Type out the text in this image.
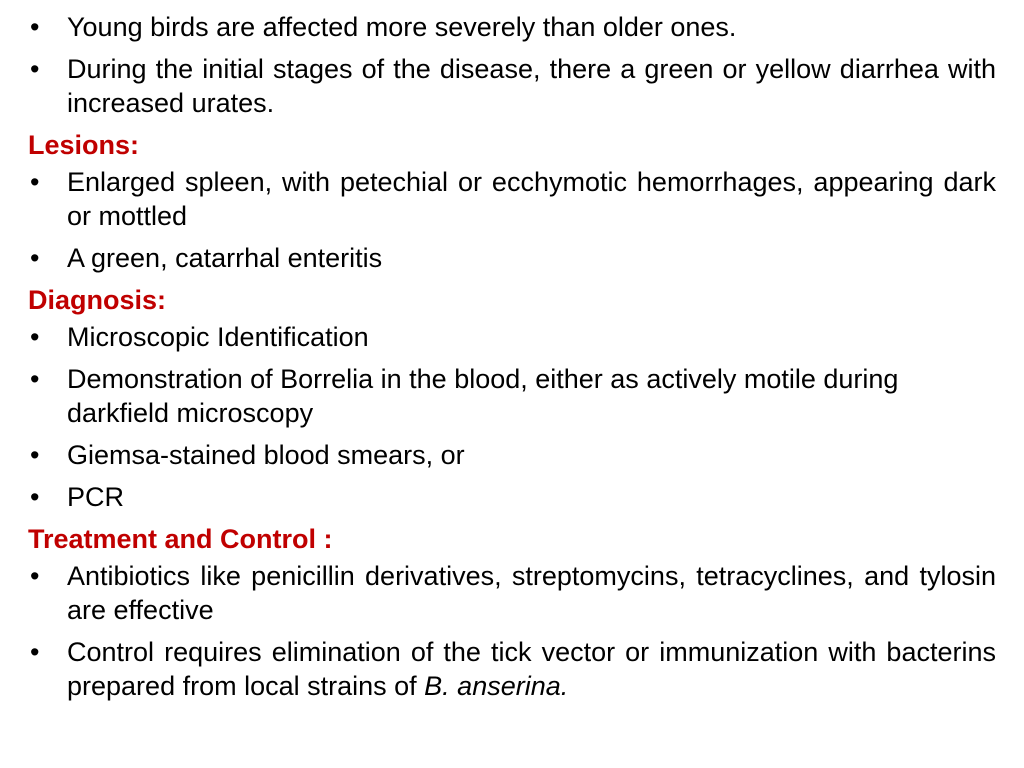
•	Young birds are affected more severely than older ones.
•	During the initial stages of the disease, there a green or yellow diarrhea with increased urates.
Lesions:
•	Enlarged spleen, with petechial or ecchymotic hemorrhages, appearing dark or mottled
•	A green, catarrhal enteritis
Diagnosis:
•	Microscopic Identification
•	Demonstration of Borrelia in the blood, either as actively motile during darkfield microscopy
•	Giemsa-stained blood smears, or
•	PCR
Treatment and Control :
•	Antibiotics like penicillin derivatives, streptomycins, tetracyclines, and tylosin are effective
•	Control requires elimination of the tick vector or immunization with bacterins prepared from local strains of B. anserina.
